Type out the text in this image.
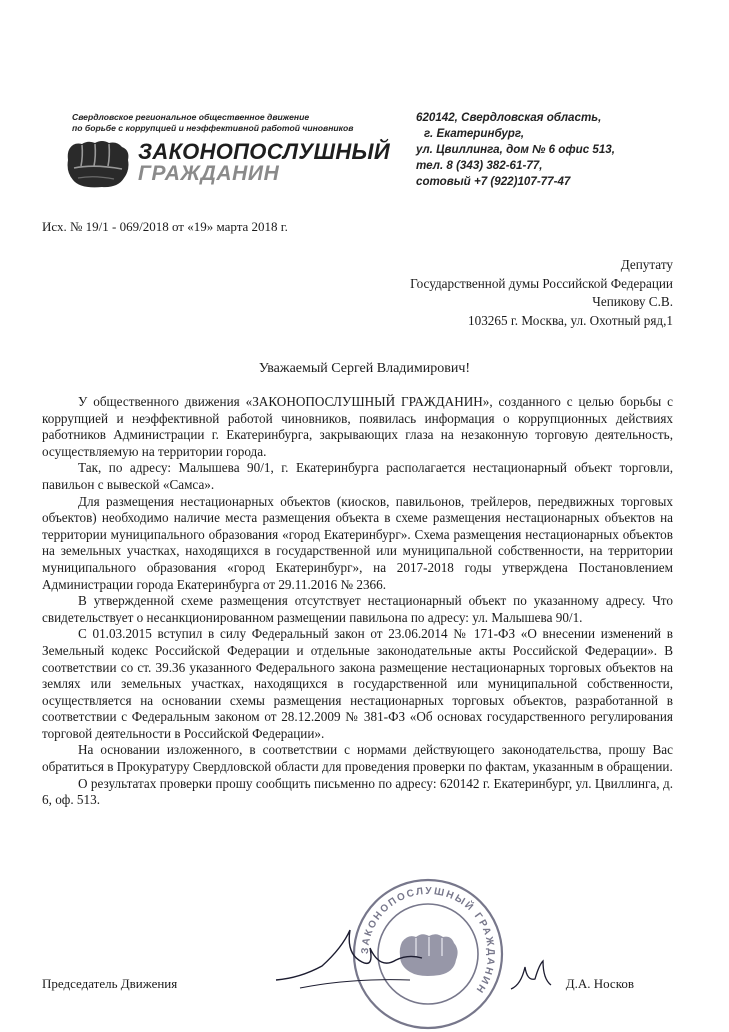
Свердловское региональное общественное движение
по борьбе с коррупцией и неэффективной работой чиновников
ЗАКОНОПОСЛУШНЫЙ
ГРАЖДАНИН
620142, Свердловская область,
г. Екатеринбург,
ул. Цвиллинга, дом № 6 офис 513,
тел. 8 (343) 382-61-77,
сотовый +7 (922)107-77-47
Исх. № 19/1 - 069/2018 от «19» марта 2018 г.
Депутату
Государственной думы Российской Федерации
Чепикову С.В.
103265 г. Москва, ул. Охотный ряд,1
Уважаемый Сергей Владимирович!

У общественного движения «ЗАКОНОПОСЛУШНЫЙ ГРАЖДАНИН», созданного с целью борьбы с коррупцией и неэффективной работой чиновников, появилась информация о коррупционных действиях работников Администрации г. Екатеринбурга, закрывающих глаза на незаконную торговую деятельность, осуществляемую на территории города.

Так, по адресу: Малышева 90/1, г. Екатеринбурга располагается нестационарный объект торговли, павильон с вывеской «Самса».

Для размещения нестационарных объектов (киосков, павильонов, трейлеров, передвижных торговых объектов) необходимо наличие места размещения объекта в схеме размещения нестационарных объектов на территории муниципального образования «город Екатеринбург». Схема размещения нестационарных объектов на земельных участках, находящихся в государственной или муниципальной собственности, на территории муниципального образования «город Екатеринбург», на 2017-2018 годы утверждена Постановлением Администрации города Екатеринбурга от 29.11.2016 № 2366.

В утвержденной схеме размещения отсутствует нестационарный объект по указанному адресу. Что свидетельствует о несанкционированном размещении павильона по адресу: ул. Малышева 90/1.

С 01.03.2015 вступил в силу Федеральный закон от 23.06.2014 № 171-ФЗ «О внесении изменений в Земельный кодекс Российской Федерации и отдельные законодательные акты Российской Федерации». В соответствии со ст. 39.36 указанного Федерального закона размещение нестационарных торговых объектов на землях или земельных участках, находящихся в государственной или муниципальной собственности, осуществляется на основании схемы размещения нестационарных торговых объектов, разработанной в соответствии с Федеральным законом от 28.12.2009 № 381-ФЗ «Об основах государственного регулирования торговой деятельности в Российской Федерации».

На основании изложенного, в соответствии с нормами действующего законодательства, прошу Вас обратиться в Прокуратуру Свердловской области для проведения проверки по фактам, указанным в обращении.

О результатах проверки прошу сообщить письменно по адресу: 620142 г. Екатеринбург, ул. Цвиллинга, д. 6, оф. 513.

ЗАКОНОПОСЛУШНЫЙ ГРАЖДАНИН
Председатель Движения	Д.А. Носков
